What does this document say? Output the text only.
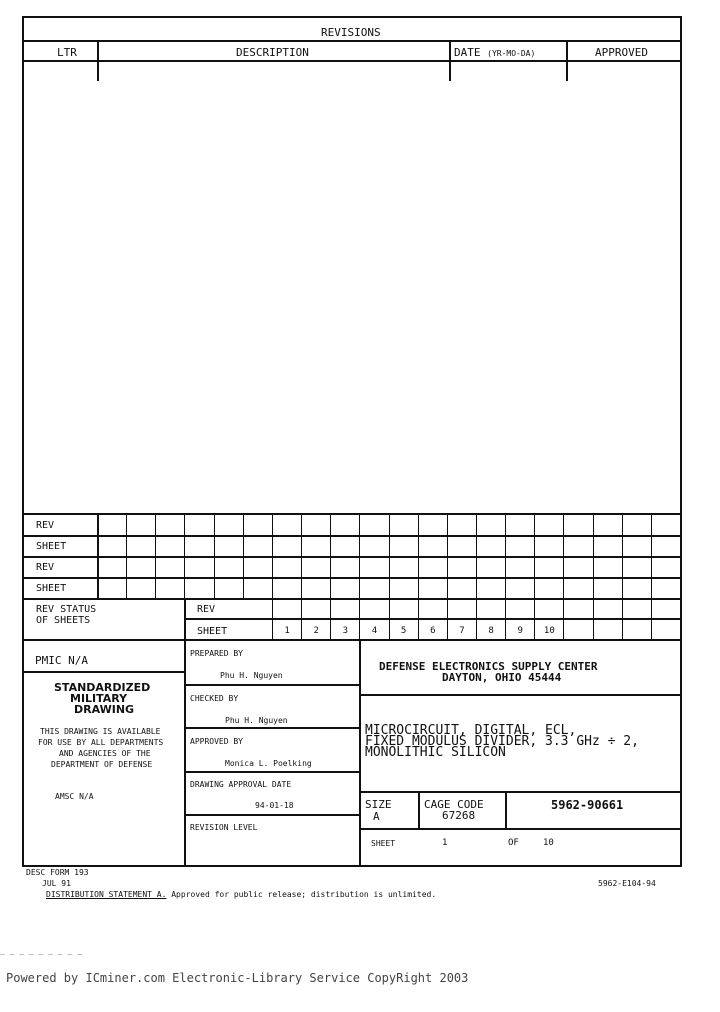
REVISIONS
LTR	DESCRIPTION	DATE (YR-MO-DA)	APPROVED
REV
SHEET
REV
SHEET
REV STATUS
OF SHEETS
REV
SHEET	1	2	3	4	5	6	7	8	9	10
PMIC N/A
STANDARDIZED
MILITARY
DRAWING
THIS DRAWING IS AVAILABLE
FOR USE BY ALL DEPARTMENTS
AND AGENCIES OF THE
DEPARTMENT OF DEFENSE
AMSC N/A
PREPARED BY
Phu H. Nguyen
CHECKED BY
Phu H. Nguyen
APPROVED BY
Monica L. Poelking
DRAWING APPROVAL DATE
94-01-18
REVISION LEVEL
DEFENSE ELECTRONICS SUPPLY CENTER
DAYTON, OHIO 45444
MICROCIRCUIT, DIGITAL, ECL,
FIXED MODULUS DIVIDER, 3.3 GHz ÷ 2,
MONOLITHIC SILICON
SIZE
A
CAGE CODE
67268
5962-90661
SHEET	1	OF	10
DESC FORM 193
JUL 91
DISTRIBUTION STATEMENT A. Approved for public release; distribution is unlimited.
5962-E104-94
_ _ _ _ _ _ _ _ _
Powered by ICminer.com Electronic-Library Service CopyRight 2003
